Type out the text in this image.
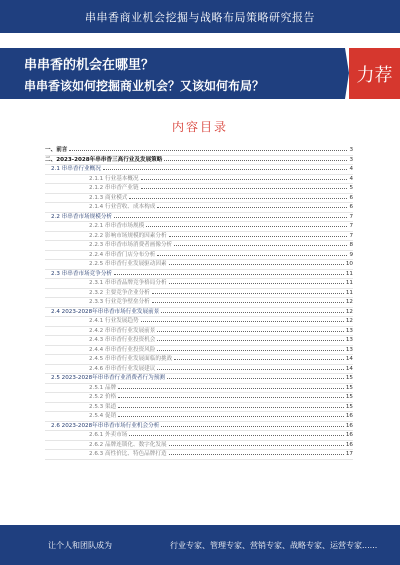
串串香商业机会挖掘与战略布局策略研究报告
串串香的机会在哪里？
串串香该如何挖掘商业机会？又该如何布局？
力荐
内容目录
一、前言	3
二、2023-2028年串串香三高行业及发展策略	3
2.1 串串香行业概况	4
2.1.1 行业基本概况	4
2.1.2 串串香产业链	5
2.1.3 商业模式	6
2.1.4 行业营收、成本构成	6
2.2 串串香市场规模分析	7
2.2.1 串串香市场规模	7
2.2.2 影响市场规模的因素分析	7
2.2.3 串串香市场消费者画像分析	8
2.2.4 串串香门店分布分析	9
2.2.5 串串香行业发展驱动因素	10
2.3 串串香市场竞争分析	11
2.3.1 串串香品牌竞争格局分析	11
2.3.2 主要竞争企业分析	11
2.3.3 行业竞争壁垒分析	12
2.4 2023-2028年串串香市场行业发展前景	12
2.4.1 行业发展趋势	12
2.4.2 串串香行业发展前景	13
2.4.3 串串香行业投资机会	13
2.4.4 串串香行业投资风险	13
2.4.5 串串香行业发展面临的挑战	14
2.4.6 串串香行业发展建议	14
2.5 2023-2028年串串香行业消费者行为预测	15
2.5.1 品牌	15
2.5.2 价格	15
2.5.3 渠道	15
2.5.4 促销	16
2.6 2023-2028年串串香市场行业机会分析	16
2.6.1 外卖市场	16
2.6.2 品牌连锁化、数字化发展	16
2.6.3 高性价比、特色品牌打造	17
让个人和团队成为	行业专家、管理专家、营销专家、战略专家、运营专家......
